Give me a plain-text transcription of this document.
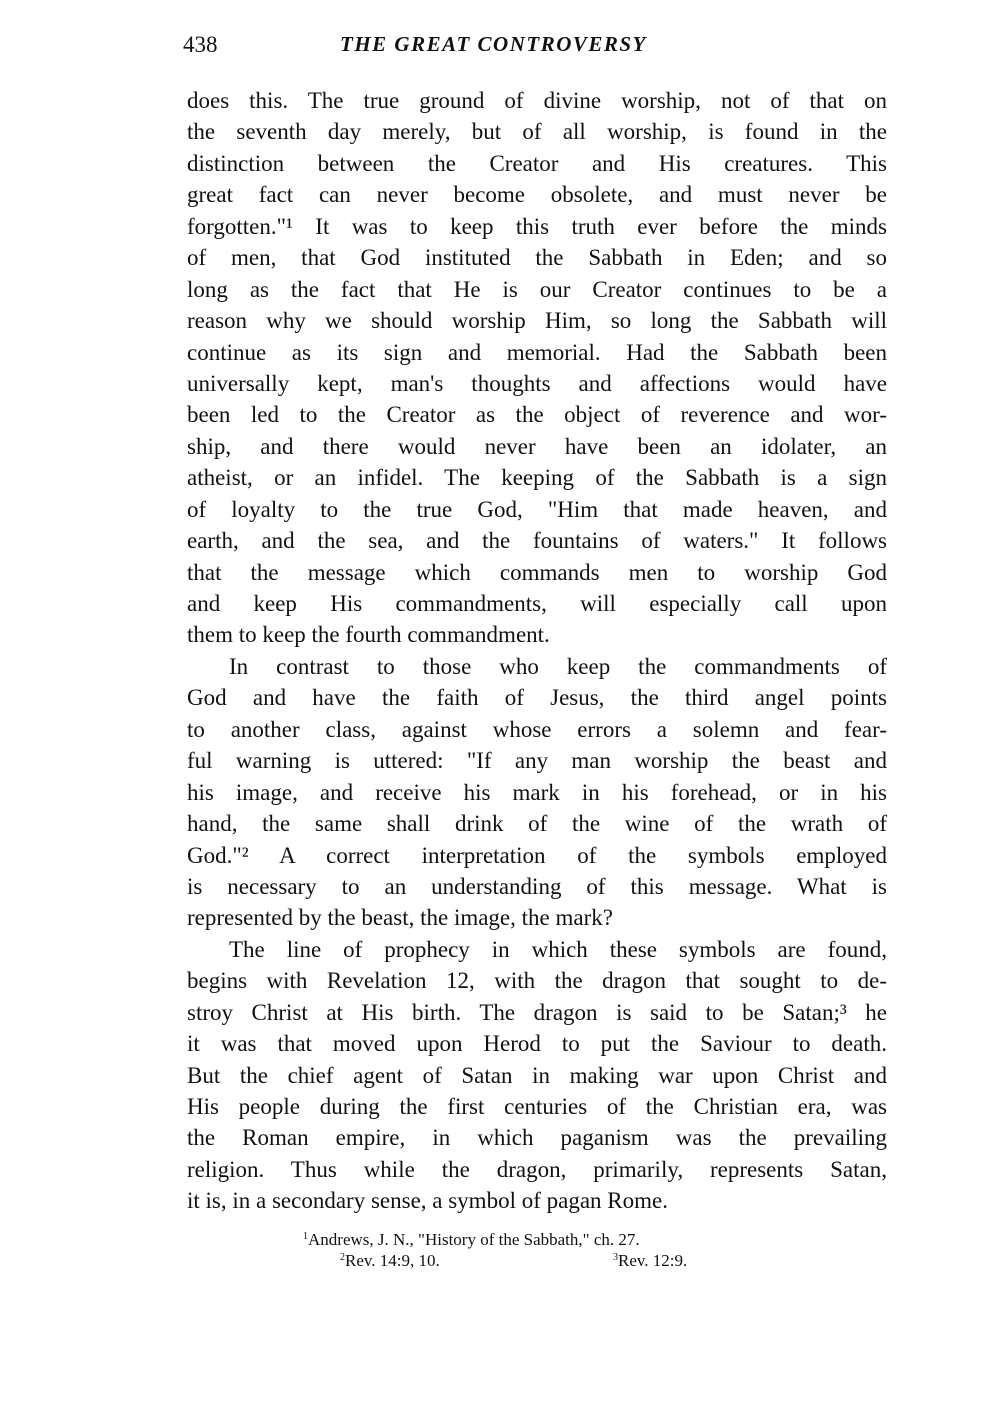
438	THE GREAT CONTROVERSY
does this. The true ground of divine worship, not of that on
the seventh day merely, but of all worship, is found in the
distinction between the Creator and His creatures. This
great fact can never become obsolete, and must never be
forgotten."¹ It was to keep this truth ever before the minds
of men, that God instituted the Sabbath in Eden; and so
long as the fact that He is our Creator continues to be a
reason why we should worship Him, so long the Sabbath will
continue as its sign and memorial. Had the Sabbath been
universally kept, man's thoughts and affections would have
been led to the Creator as the object of reverence and wor-
ship, and there would never have been an idolater, an
atheist, or an infidel. The keeping of the Sabbath is a sign
of loyalty to the true God, "Him that made heaven, and
earth, and the sea, and the fountains of waters." It follows
that the message which commands men to worship God
and keep His commandments, will especially call upon
them to keep the fourth commandment.
In contrast to those who keep the commandments of
God and have the faith of Jesus, the third angel points
to another class, against whose errors a solemn and fear-
ful warning is uttered: "If any man worship the beast and
his image, and receive his mark in his forehead, or in his
hand, the same shall drink of the wine of the wrath of
God."² A correct interpretation of the symbols employed
is necessary to an understanding of this message. What is
represented by the beast, the image, the mark?
The line of prophecy in which these symbols are found,
begins with Revelation 12, with the dragon that sought to de-
stroy Christ at His birth. The dragon is said to be Satan;³ he
it was that moved upon Herod to put the Saviour to death.
But the chief agent of Satan in making war upon Christ and
His people during the first centuries of the Christian era, was
the Roman empire, in which paganism was the prevailing
religion. Thus while the dragon, primarily, represents Satan,
it is, in a secondary sense, a symbol of pagan Rome.
$^1$Andrews, J. N., "History of the Sabbath," ch. 27.
$^2$Rev. 14:9, 10.	$^3$Rev. 12:9.
